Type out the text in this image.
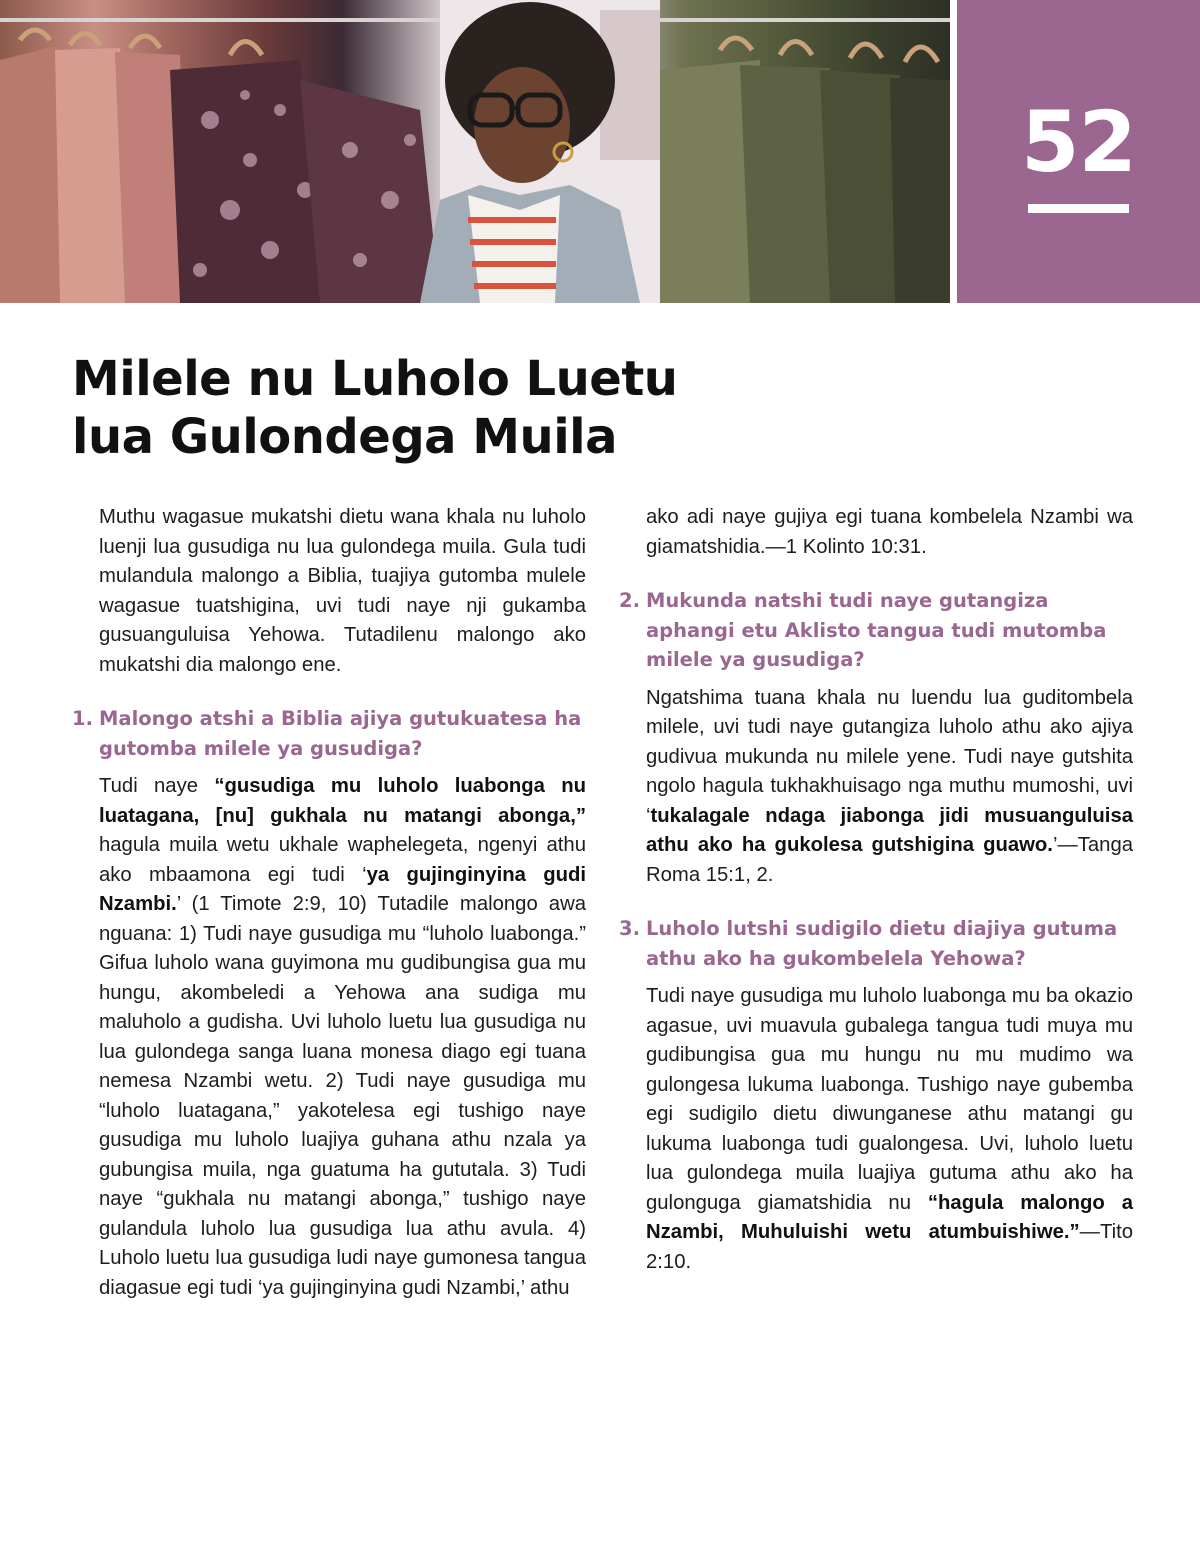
52
Milele nu Luholo Luetu
lua Gulondega Muila

Muthu wagasue mukatshi dietu wana khala nu luholo luenji lua gusudiga nu lua gulondega muila. Gula tudi mulandula malongo a Biblia, tuajiya gutomba mulele wagasue tuatshigina, uvi tudi naye nji gukamba gusuanguluisa Yehowa. Tutadilenu malongo ako mukatshi dia malongo ene.

1. Malongo atshi a Biblia ajiya gutukuatesa ha gutomba milele ya gusudiga?

Tudi naye “gusudiga mu luholo luabonga nu luatagana, [nu] gukhala nu matangi abonga,” hagula muila wetu ukhale waphelegeta, ngenyi athu ako mbaamona egi tudi ‘ya gujinginyina gudi Nzambi.’ (1 Timote 2:9, 10) Tutadile malongo awa nguana: 1) Tudi naye gusudiga mu “luholo luabonga.” Gifua luholo wana guyimona mu gudibungisa gua mu hungu, akombeledi a Yehowa ana sudiga mu maluholo a gudisha. Uvi luholo luetu lua gusudiga nu lua gulondega sanga luana monesa diago egi tuana nemesa Nzambi wetu. 2) Tudi naye gusudiga mu “luholo luatagana,” yakotelesa egi tushigo naye gusudiga mu luholo luajiya guhana athu nzala ya gubungisa muila, nga guatuma ha gututala. 3) Tudi naye “gukhala nu matangi abonga,” tushigo naye gulandula luholo lua gusudiga lua athu avula. 4) Luholo luetu lua gusudiga ludi naye gumonesa tangua diagasue egi tudi ‘ya gujinginyina gudi Nzambi,’ athu

ako adi naye gujiya egi tuana kombelela Nzambi wa giamatshidia.—1 Kolinto 10:31.

2. Mukunda natshi tudi naye gutangiza aphangi etu Aklisto tangua tudi mutomba milele ya gusudiga?

Ngatshima tuana khala nu luendu lua guditombela milele, uvi tudi naye gutangiza luholo athu ako ajiya gudivua mukunda nu milele yene. Tudi naye gutshita ngolo hagula tukhakhuisago nga muthu mumoshi, uvi ‘tukalagale ndaga jiabonga jidi musuanguluisa athu ako ha gukolesa gutshigina guawo.’—Tanga Roma 15:1, 2.

3. Luholo lutshi sudigilo dietu diajiya gutuma athu ako ha gukombelela Yehowa?

Tudi naye gusudiga mu luholo luabonga mu ba okazio agasue, uvi muavula gubalega tangua tudi muya mu gudibungisa gua mu hungu nu mu mudimo wa gulongesa lukuma luabonga. Tushigo naye gubemba egi sudigilo dietu diwunganese athu matangi gu lukuma luabonga tudi gualongesa. Uvi, luholo luetu lua gulondega muila luajiya gutuma athu ako ha gulonguga giamatshidia nu “hagula malongo a Nzambi, Muhuluishi wetu atumbuishiwe.”—Tito 2:10.
